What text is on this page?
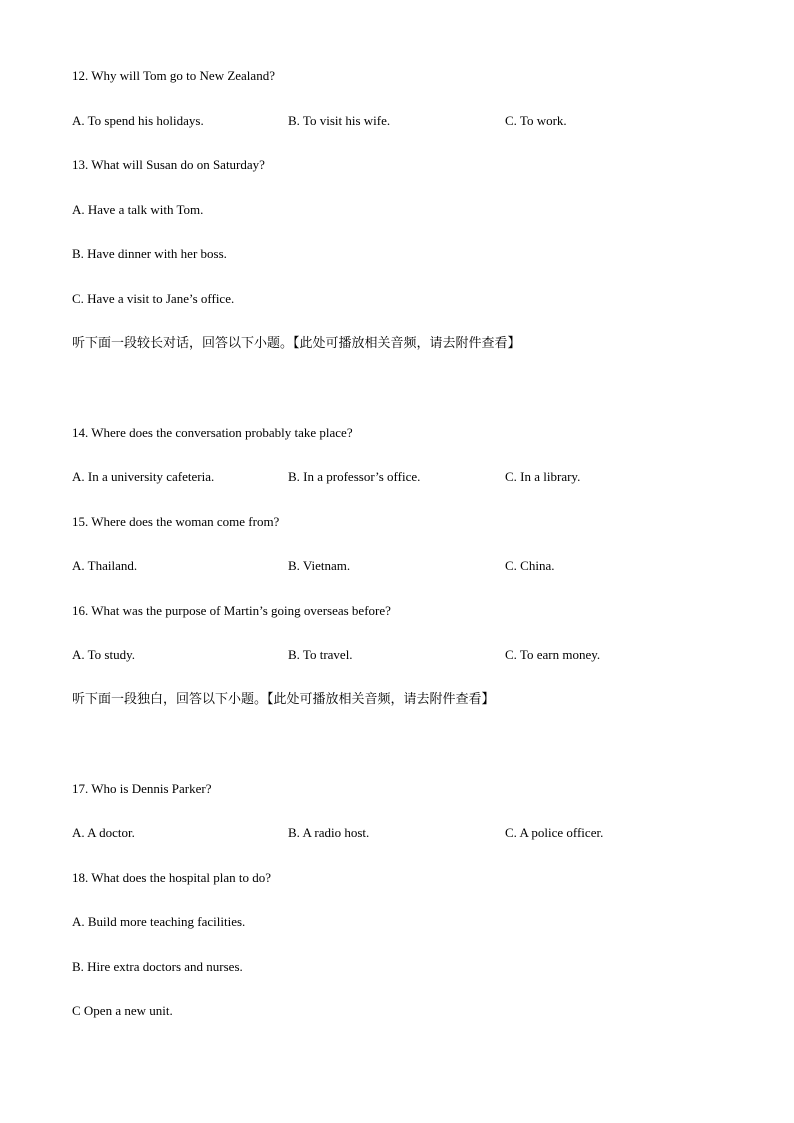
12. Why will Tom go to New Zealand?
A. To spend his holidays.	B. To visit his wife.	C. To work.
13. What will Susan do on Saturday?
A. Have a talk with Tom.
B. Have dinner with her boss.
C. Have a visit to Jane’s office.
听下面一段较长对话，回答以下小题。【此处可播放相关音频，请去附件查看】
14. Where does the conversation probably take place?
A. In a university cafeteria.	B. In a professor’s office.	C. In a library.
15. Where does the woman come from?
A. Thailand.	B. Vietnam.	C. China.
16. What was the purpose of Martin’s going overseas before?
A. To study.	B. To travel.	C. To earn money.
听下面一段独白，回答以下小题。【此处可播放相关音频，请去附件查看】
17. Who is Dennis Parker?
A. A doctor.	B. A radio host.	C. A police officer.
18. What does the hospital plan to do?
A. Build more teaching facilities.
B. Hire extra doctors and nurses.
C Open a new unit.
